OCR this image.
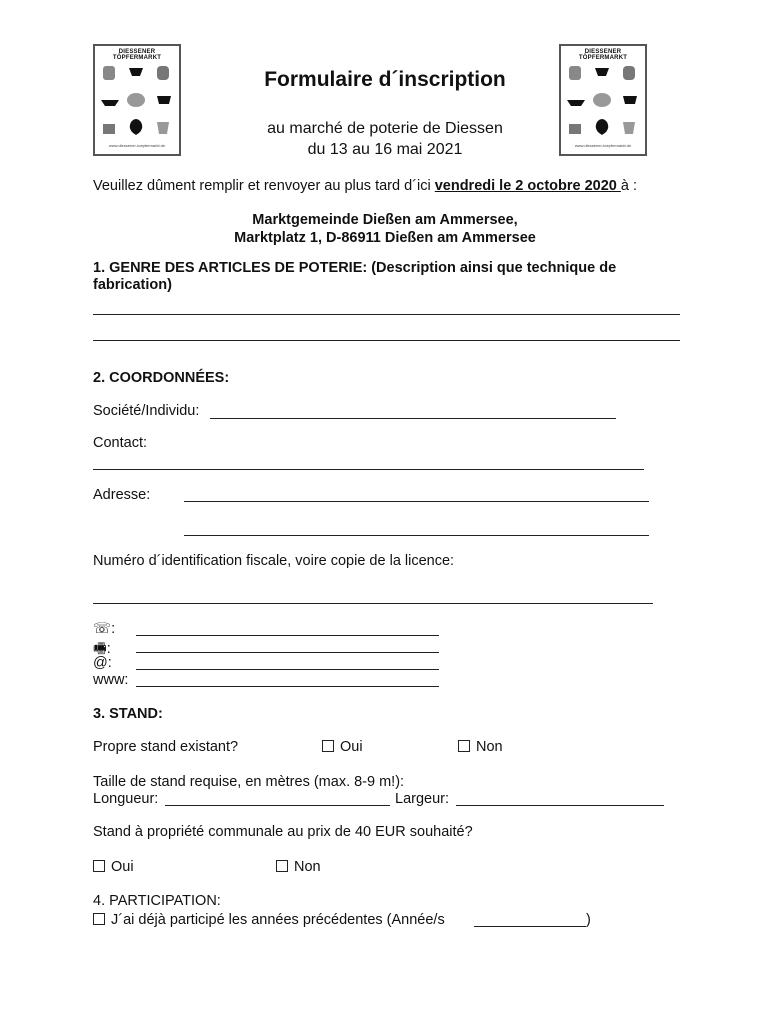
DIESSENER TÖPFERMARKT
www.diessener-toepfermarkt.de
DIESSENER TÖPFERMARKT
www.diessener-toepfermarkt.de
Formulaire d´inscription
au marché de poterie de Diessen
du 13 au 16 mai 2021
Veuillez dûment remplir et renvoyer au plus tard d´ici vendredi le 2 octobre 2020 à :
Marktgemeinde Dießen am Ammersee,
Marktplatz 1, D-86911 Dießen am Ammersee
1. GENRE DES ARTICLES DE POTERIE: (Description ainsi que technique de
fabrication)
2. COORDONNÉES:
Société/Individu:
Contact:
Adresse:
Numéro d´identification fiscale, voire copie de la licence:
☏:
🖷:
@:
www:
3. STAND:
Propre stand existant?	Oui	Non
Taille de stand requise, en mètres (max. 8-9 m!):
Longueur:	Largeur:
Stand à propriété communale au prix de 40 EUR souhaité?
Oui	Non
4. PARTICIPATION:
J´ai déjà participé les années précédentes (Année/s	)
